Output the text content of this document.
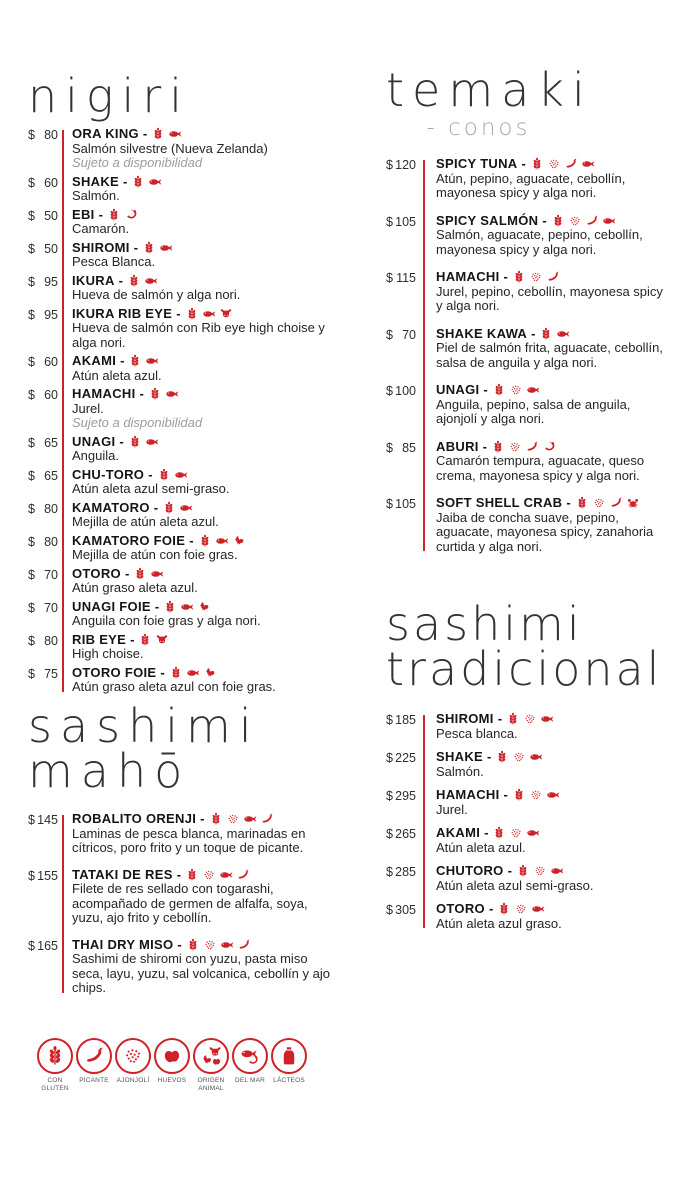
nigiri
$ 80 ORA KING -
Salmón silvestre (Nueva Zelanda)
Sujeto a disponibilidad
$ 60 SHAKE -
Salmón.
$ 50 EBI -
Camarón.
$ 50 SHIROMI -
Pesca Blanca.
$ 95 IKURA -
Hueva de salmón y alga nori.
$ 95 IKURA RIB EYE -
Hueva de salmón con Rib eye high choise y alga nori.
$ 60 AKAMI -
Atún aleta azul.
$ 60 HAMACHI -
Jurel.
Sujeto a disponibilidad
$ 65 UNAGI -
Anguila.
$ 65 CHU-TORO -
Atún aleta azul semi-graso.
$ 80 KAMATORO -
Mejilla de atún aleta azul.
$ 80 KAMATORO FOIE -
Mejilla de atún con foie gras.
$ 70 OTORO -
Atún graso aleta azul.
$ 70 UNAGI FOIE -
Anguila con foie gras y alga nori.
$ 80 RIB EYE -
High choise.
$ 75 OTORO FOIE -
Atún graso aleta azul con foie gras.
temaki
- conos
$ 120 SPICY TUNA -
Atún, pepino, aguacate, cebollín, mayonesa spicy y alga nori.
$ 105 SPICY SALMÓN -
Salmón, aguacate, pepino, cebollín, mayonesa spicy y alga nori.
$ 115 HAMACHI -
Jurel, pepino, cebollín, mayonesa spicy y alga nori.
$ 70 SHAKE KAWA -
Piel de salmón frita, aguacate, cebollín, salsa de anguila y alga nori.
$ 100 UNAGI -
Anguila, pepino, salsa de anguila, ajonjolí y alga nori.
$ 85 ABURI -
Camarón tempura, aguacate, queso crema, mayonesa spicy y alga nori.
$ 105 SOFT SHELL CRAB -
Jaiba de concha suave, pepino, aguacate, mayonesa spicy, zanahoria curtida y alga nori.
sashimi
mahō
$ 145 ROBALITO ORENJI -
Laminas de pesca blanca, marinadas en cítricos, poro frito y un toque de picante.
$ 155 TATAKI DE RES -
Filete de res sellado con togarashi, acompañado de germen de alfalfa, soya, yuzu, ajo frito y cebollín.
$ 165 THAI DRY MISO -
Sashimi de shiromi con yuzu, pasta miso seca, layu, yuzu, sal volcanica, cebollín y ajo chips.
sashimi
tradicional
$ 185 SHIROMI -
Pesca blanca.
$ 225 SHAKE -
Salmón.
$ 295 HAMACHI -
Jurel.
$ 265 AKAMI -
Atún aleta azul.
$ 285 CHUTORO -
Atún aleta azul semi-graso.
$ 305 OTORO -
Atún aleta azul graso.
CON GLUTEN
PICANTE AJONJOLÍ HUEVOS	ORIGEN ANIMAL
DEL MAR LÁCTEOS
